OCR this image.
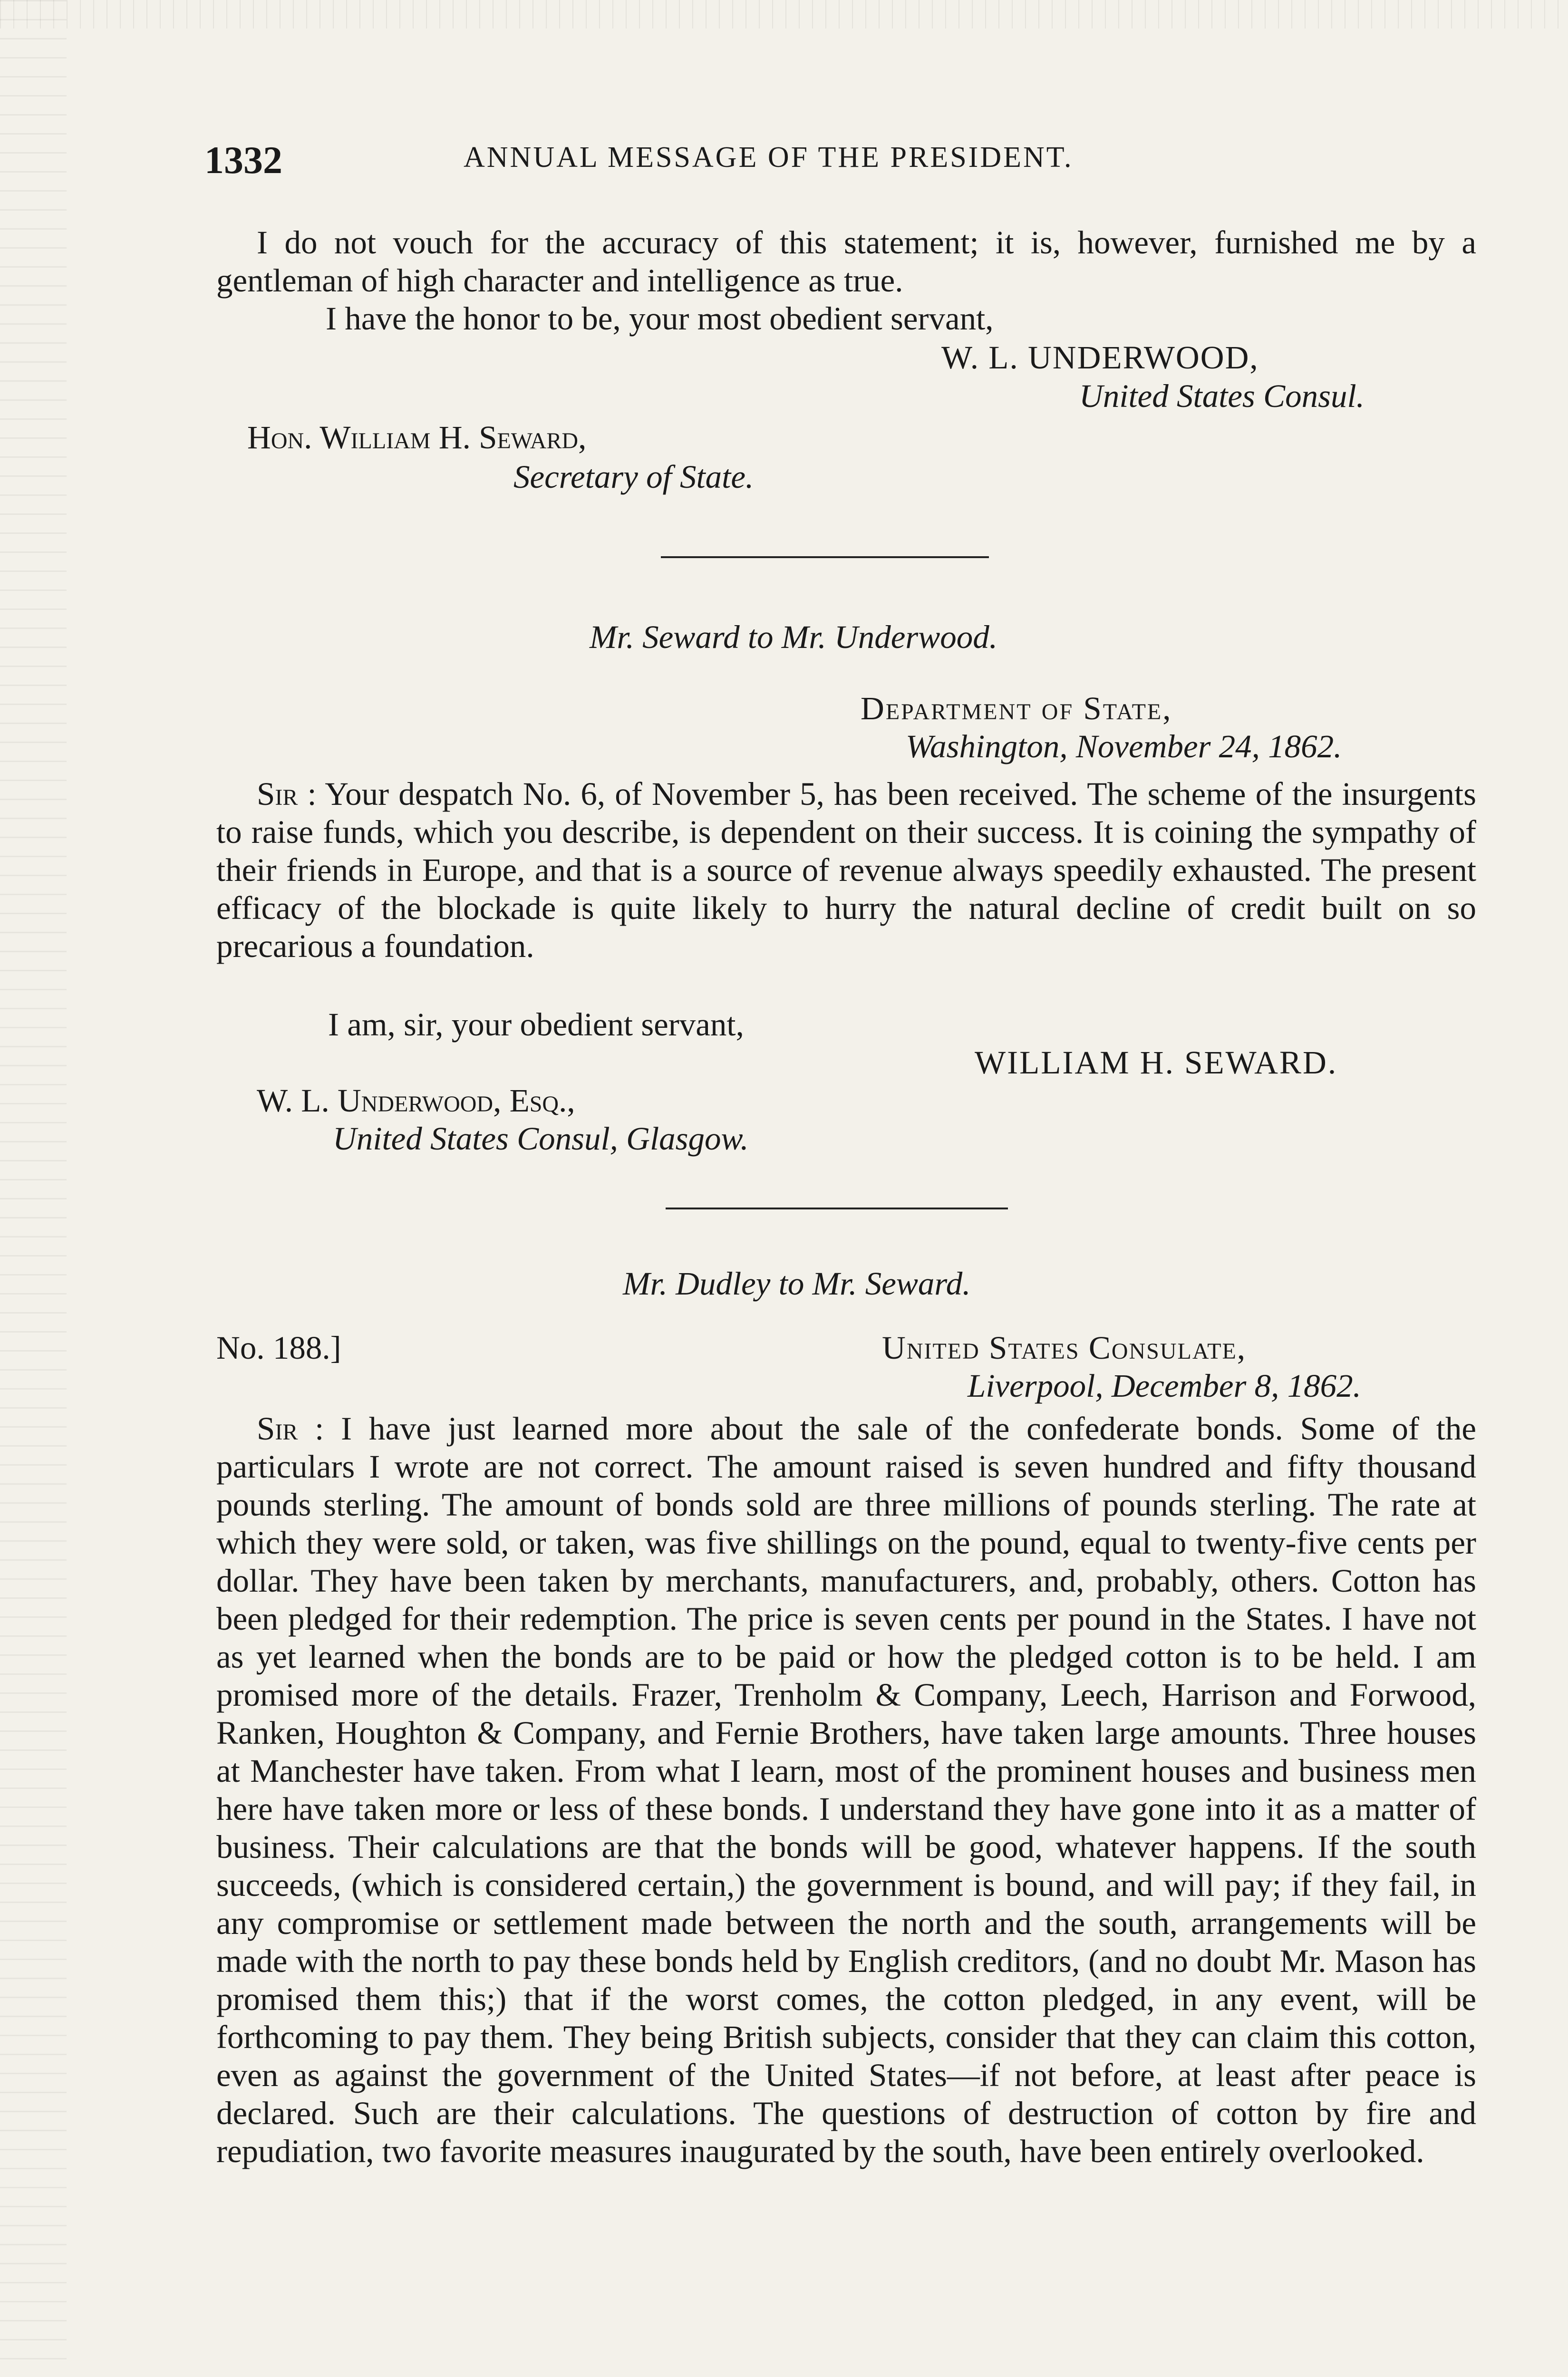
1332	ANNUAL MESSAGE OF THE PRESIDENT.

I do not vouch for the accuracy of this statement; it is, however, furnished me by a gentleman of high character and intelligence as true.

I have the honor to be, your most obedient servant,
W. L. UNDERWOOD,
United States Consul.
Hon. William H. Seward,
Secretary of State.
Mr. Seward to Mr. Underwood.
Department of State,
Washington, November 24, 1862.

Sir : Your despatch No. 6, of November 5, has been received. The scheme of the insurgents to raise funds, which you describe, is dependent on their success. It is coining the sympathy of their friends in Europe, and that is a source of revenue always speedily exhausted. The present efficacy of the blockade is quite likely to hurry the natural decline of credit built on so precarious a foundation.

I am, sir, your obedient servant,
WILLIAM H. SEWARD.
W. L. Underwood, Esq.,
United States Consul, Glasgow.
Mr. Dudley to Mr. Seward.
No. 188.]	United States Consulate,
Liverpool, December 8, 1862.

Sir : I have just learned more about the sale of the confederate bonds. Some of the particulars I wrote are not correct. The amount raised is seven hundred and fifty thousand pounds sterling. The amount of bonds sold are three millions of pounds sterling. The rate at which they were sold, or taken, was five shillings on the pound, equal to twenty-five cents per dollar. They have been taken by merchants, manufacturers, and, probably, others. Cotton has been pledged for their redemption. The price is seven cents per pound in the States. I have not as yet learned when the bonds are to be paid or how the pledged cotton is to be held. I am promised more of the details. Frazer, Trenholm & Company, Leech, Harrison and Forwood, Ranken, Houghton & Company, and Fernie Brothers, have taken large amounts. Three houses at Manchester have taken. From what I learn, most of the prominent houses and business men here have taken more or less of these bonds. I understand they have gone into it as a matter of business. Their calculations are that the bonds will be good, whatever happens. If the south succeeds, (which is considered certain,) the government is bound, and will pay; if they fail, in any compromise or settlement made between the north and the south, arrangements will be made with the north to pay these bonds held by English creditors, (and no doubt Mr. Mason has promised them this;) that if the worst comes, the cotton pledged, in any event, will be forthcoming to pay them. They being British subjects, consider that they can claim this cotton, even as against the government of the United States—if not before, at least after peace is declared. Such are their calculations. The questions of destruction of cotton by fire and repudiation, two favorite measures inaugurated by the south, have been entirely overlooked.
